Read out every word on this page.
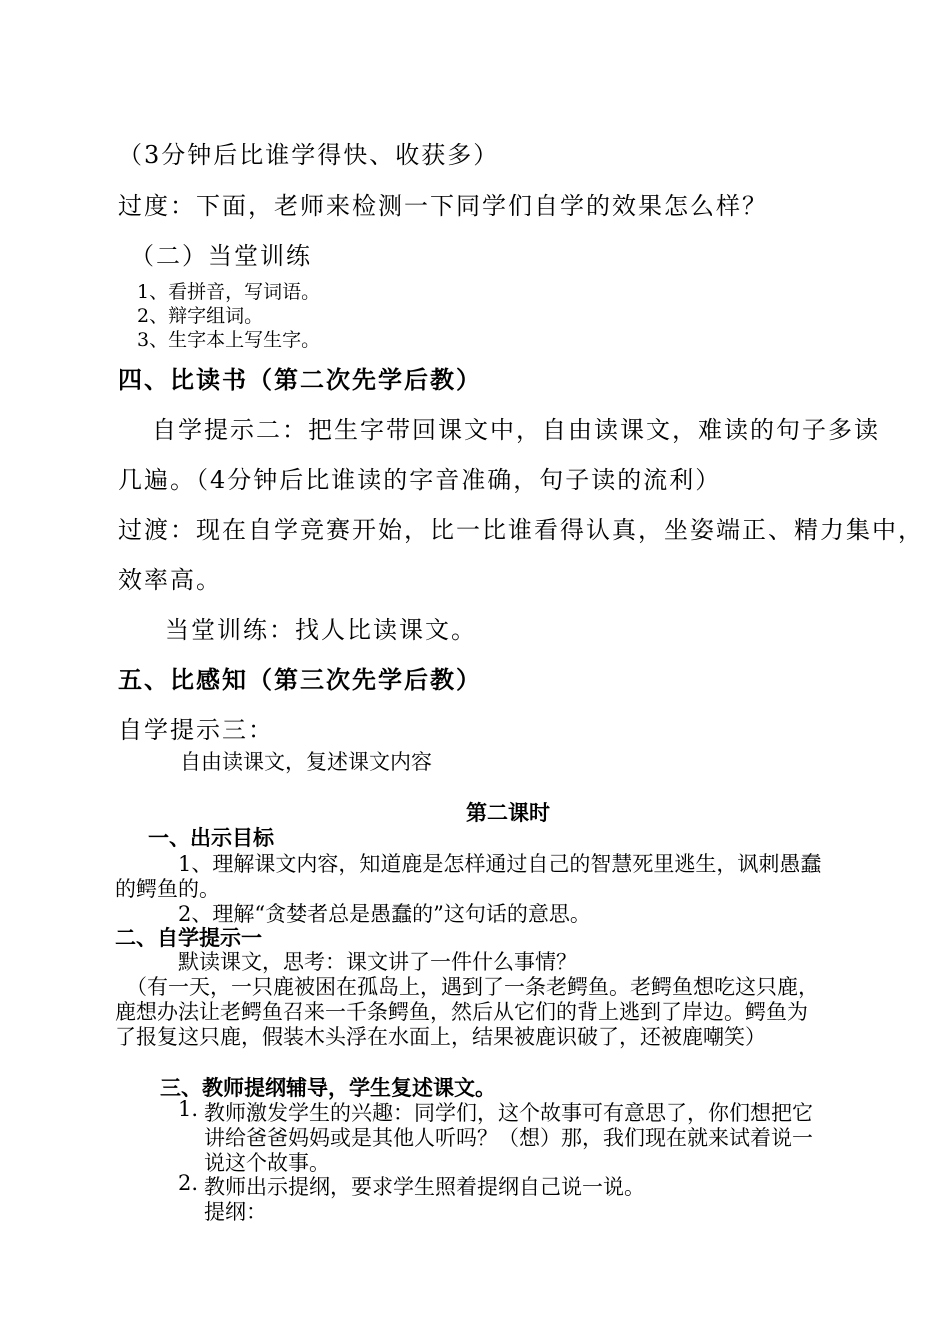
（3分钟后比谁学得快、收获多）
过度：下面，老师来检测一下同学们自学的效果怎么样？
（二）当堂训练
1、看拼音，写词语。
2、辩字组词。
3、生字本上写生字。
四、比读书（第二次先学后教）
自学提示二：把生字带回课文中，自由读课文，难读的句子多读
几遍。（4分钟后比谁读的字音准确，句子读的流利）
过渡：现在自学竞赛开始，比一比谁看得认真，坐姿端正、精力集中，
效率高。
当堂训练：找人比读课文。
五、比感知（第三次先学后教）
自学提示三：
自由读课文，复述课文内容
第二课时
一、出示目标
1、理解课文内容，知道鹿是怎样通过自己的智慧死里逃生，讽刺愚蠢
的鳄鱼的。
2、理解“贪婪者总是愚蠢的”这句话的意思。
二、自学提示一
默读课文，思考：课文讲了一件什么事情？
（有一天，一只鹿被困在孤岛上，遇到了一条老鳄鱼。老鳄鱼想吃这只鹿，
鹿想办法让老鳄鱼召来一千条鳄鱼，然后从它们的背上逃到了岸边。鳄鱼为
了报复这只鹿，假装木头浮在水面上，结果被鹿识破了，还被鹿嘲笑）
三、教师提纲辅导，学生复述课文。
1. 教师激发学生的兴趣：同学们，这个故事可有意思了，你们想把它
讲给爸爸妈妈或是其他人听吗？（想）那，我们现在就来试着说一
说这个故事。
2. 教师出示提纲，要求学生照着提纲自己说一说。
提纲：
